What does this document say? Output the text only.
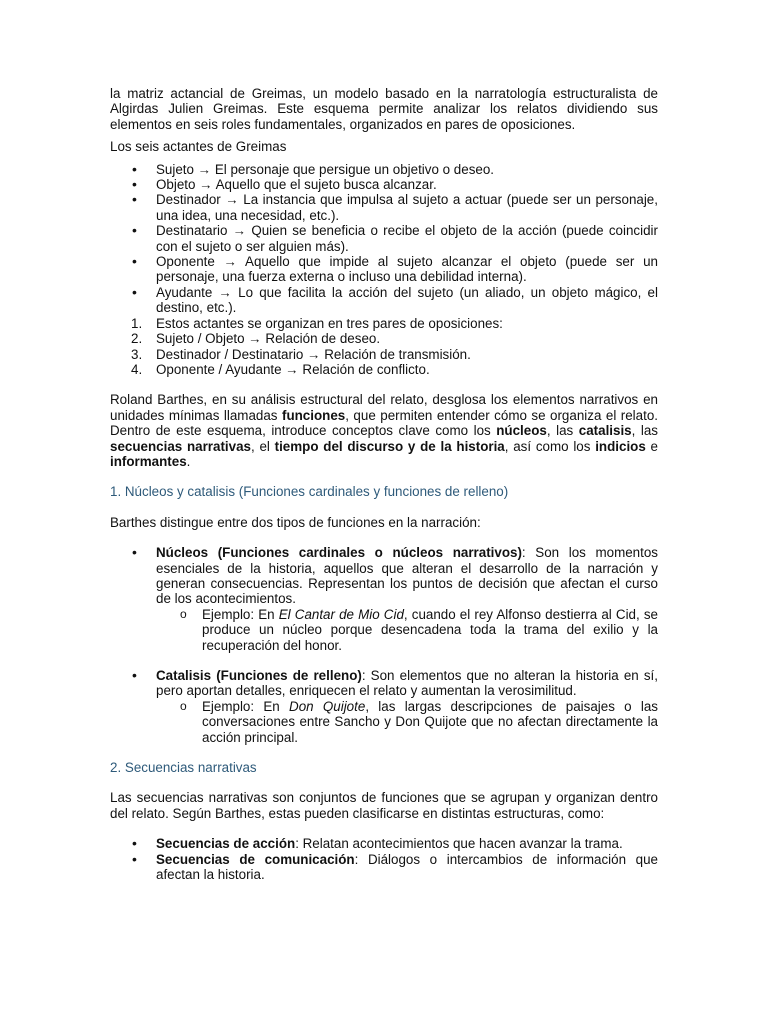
la matriz actancial de Greimas, un modelo basado en la narratología estructuralista de Algirdas Julien Greimas. Este esquema permite analizar los relatos dividiendo sus elementos en seis roles fundamentales, organizados en pares de oposiciones.

Los seis actantes de Greimas

• Sujeto → El personaje que persigue un objetivo o deseo.
• Objeto → Aquello que el sujeto busca alcanzar.
• Destinador → La instancia que impulsa al sujeto a actuar (puede ser un personaje, una idea, una necesidad, etc.).
• Destinatario → Quien se beneficia o recibe el objeto de la acción (puede coincidir con el sujeto o ser alguien más).
• Oponente → Aquello que impide al sujeto alcanzar el objeto (puede ser un personaje, una fuerza externa o incluso una debilidad interna).
• Ayudante → Lo que facilita la acción del sujeto (un aliado, un objeto mágico, el destino, etc.).
1. Estos actantes se organizan en tres pares de oposiciones:
2. Sujeto / Objeto → Relación de deseo.
3. Destinador / Destinatario → Relación de transmisión.
4. Oponente / Ayudante → Relación de conflicto.

Roland Barthes, en su análisis estructural del relato, desglosa los elementos narrativos en unidades mínimas llamadas funciones, que permiten entender cómo se organiza el relato. Dentro de este esquema, introduce conceptos clave como los núcleos, las catalisis, las secuencias narrativas, el tiempo del discurso y de la historia, así como los indicios e informantes.

1. Núcleos y catalisis (Funciones cardinales y funciones de relleno)

Barthes distingue entre dos tipos de funciones en la narración:

• Núcleos (Funciones cardinales o núcleos narrativos): Son los momentos esenciales de la historia, aquellos que alteran el desarrollo de la narración y generan consecuencias. Representan los puntos de decisión que afectan el curso de los acontecimientos.
o Ejemplo: En El Cantar de Mio Cid, cuando el rey Alfonso destierra al Cid, se produce un núcleo porque desencadena toda la trama del exilio y la recuperación del honor.
• Catalisis (Funciones de relleno): Son elementos que no alteran la historia en sí, pero aportan detalles, enriquecen el relato y aumentan la verosimilitud.
o Ejemplo: En Don Quijote, las largas descripciones de paisajes o las conversaciones entre Sancho y Don Quijote que no afectan directamente la acción principal.

2. Secuencias narrativas

Las secuencias narrativas son conjuntos de funciones que se agrupan y organizan dentro del relato. Según Barthes, estas pueden clasificarse en distintas estructuras, como:

• Secuencias de acción: Relatan acontecimientos que hacen avanzar la trama.
• Secuencias de comunicación: Diálogos o intercambios de información que afectan la historia.
